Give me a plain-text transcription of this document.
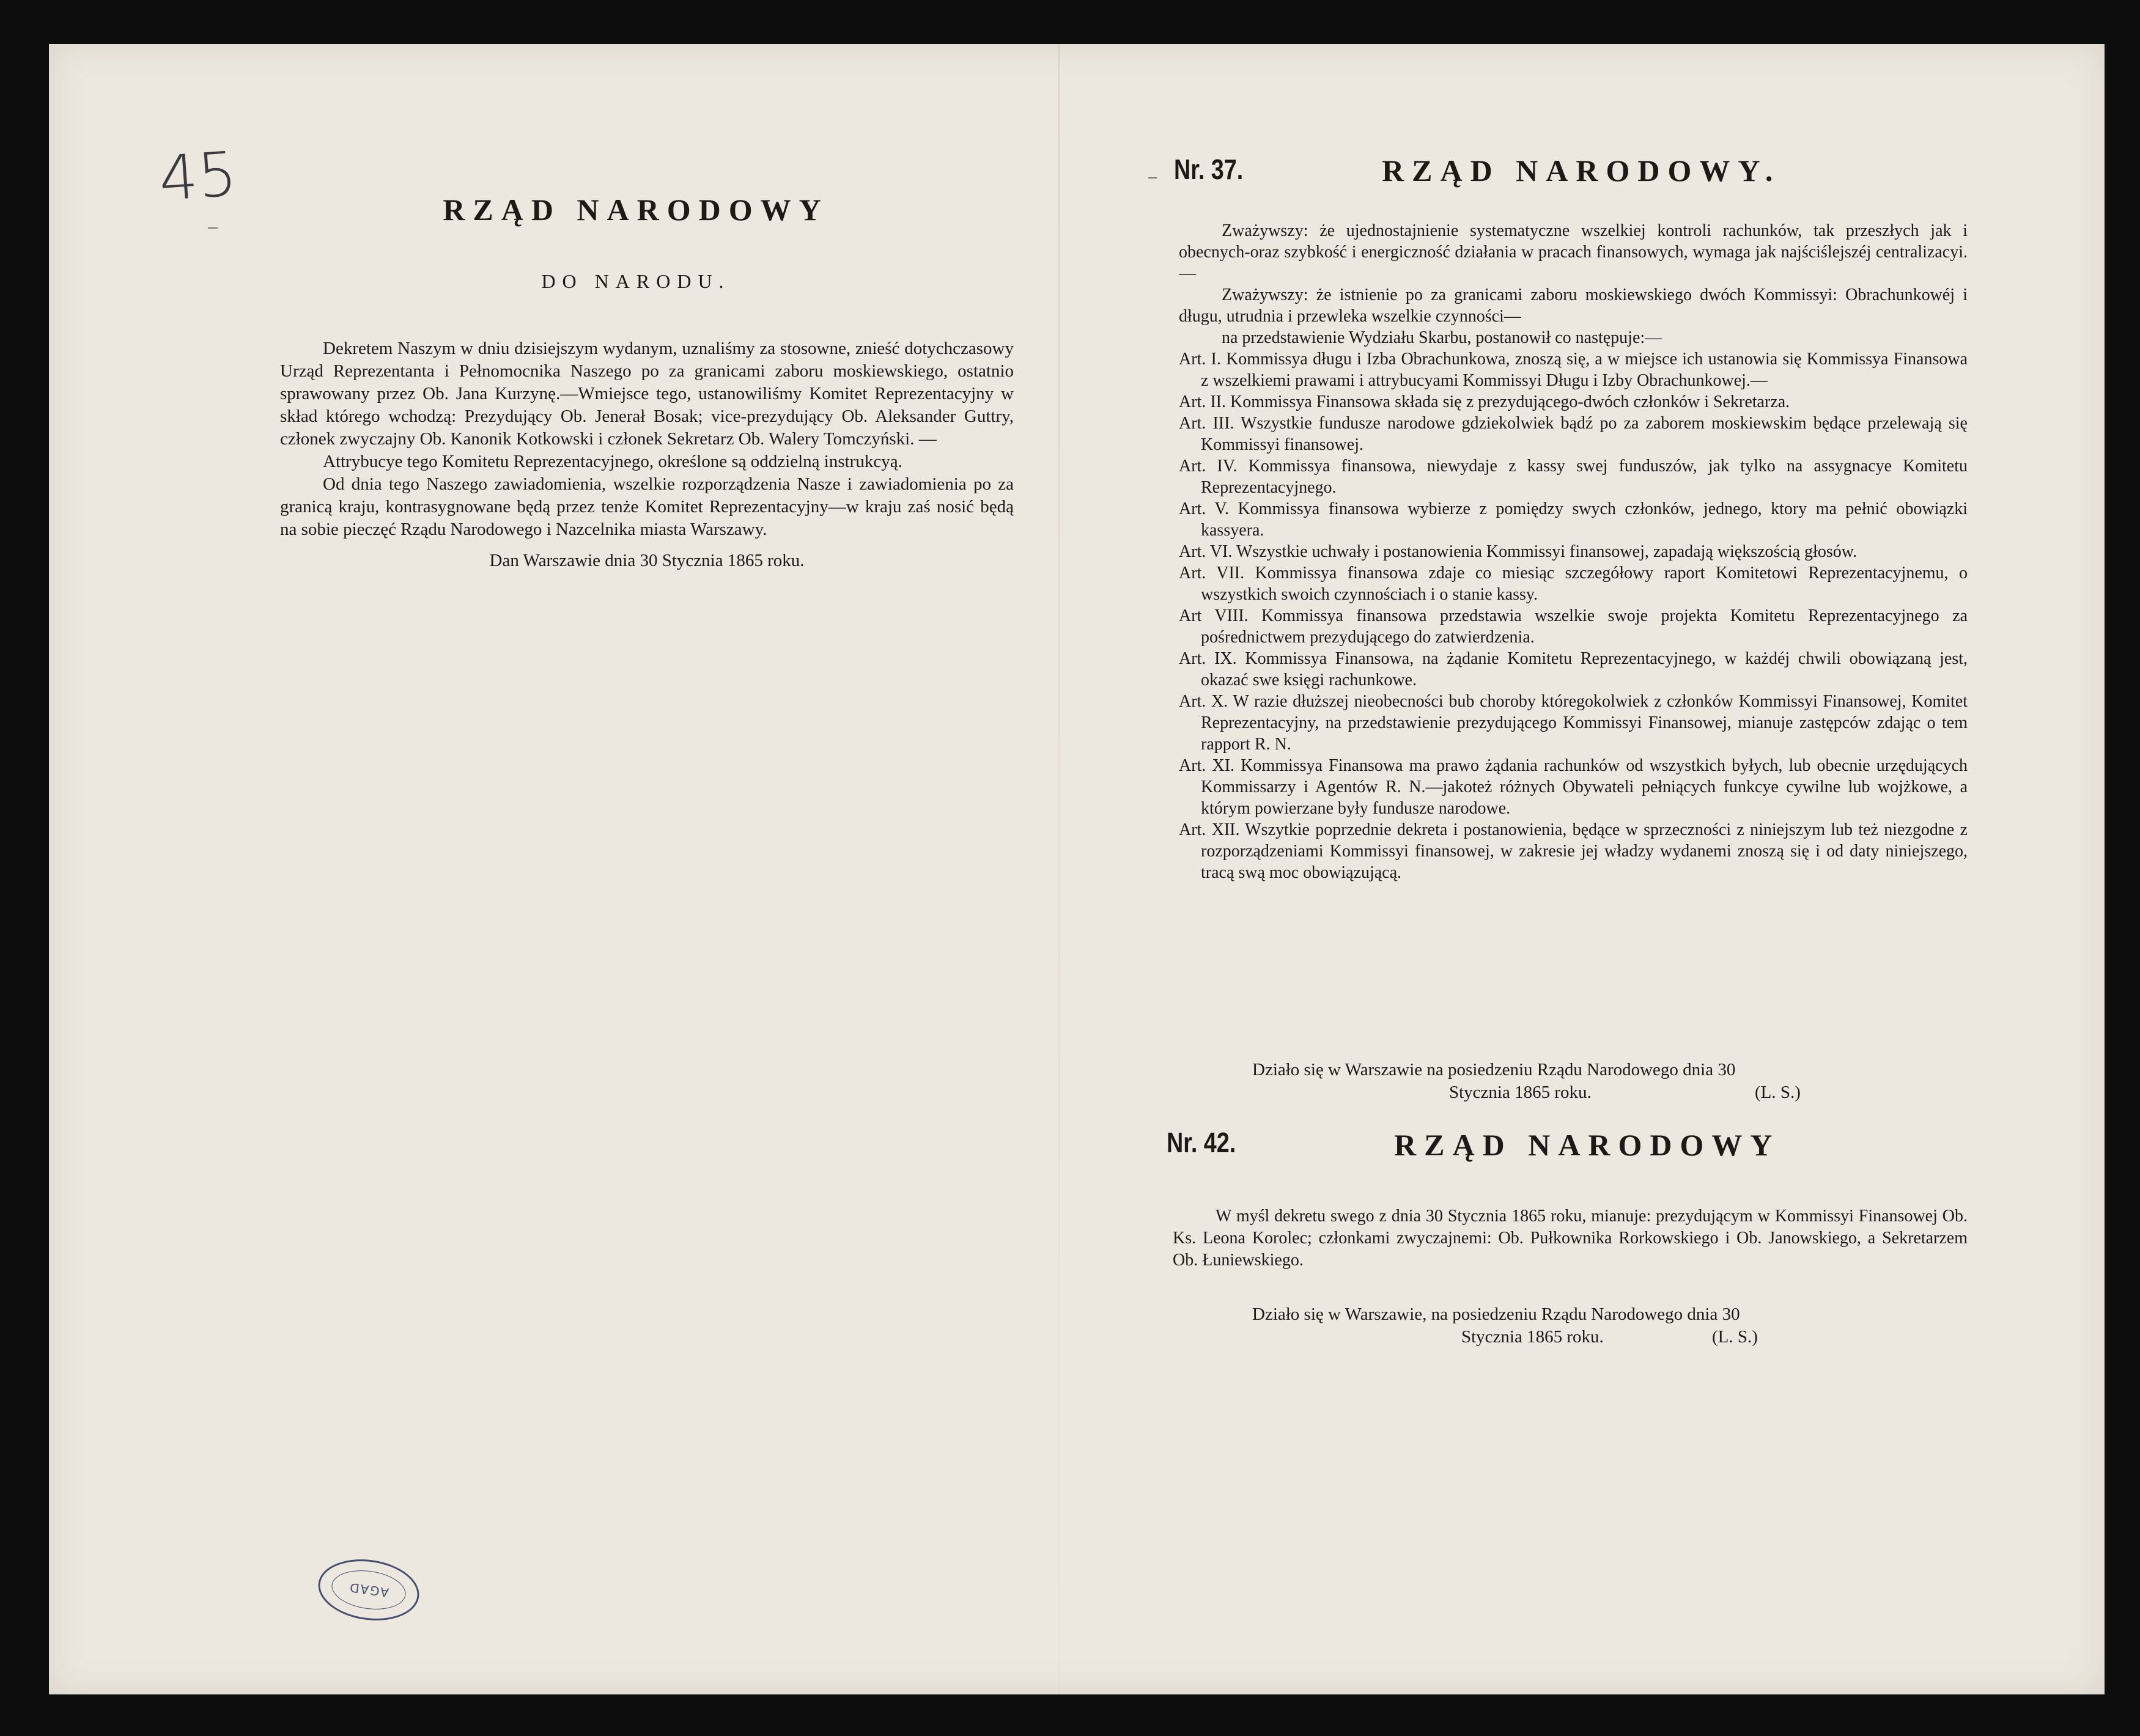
45	RZĄD NARODOWY
DO NARODU.

Dekretem Naszym w dniu dzisiejszym wydanym, uznaliśmy za stosowne, znieść dotychczasowy Urząd Reprezentanta i Pełnomocnika Naszego po za granicami zaboru moskiewskiego, ostatnio sprawowany przez Ob. Jana Kurzynę.—Wmiejsce tego, ustanowiliśmy Komitet Reprezentacyjny w skład którego wchodzą: Prezydujący Ob. Jenerał Bosak; vice-prezydujący Ob. Aleksander Guttry, członek zwyczajny Ob. Kanonik Kotkowski i członek Sekretarz Ob. Walery Tomczyński. —

Attrybucye tego Komitetu Reprezentacyjnego, określone są oddzielną instrukcyą.

Od dnia tego Naszego zawiadomienia, wszelkie rozporządzenia Nasze i zawiadomienia po za granicą kraju, kontrasygnowane będą przez tenże Komitet Reprezentacyjny—w kraju zaś nosić będą na sobie pieczęć Rządu Narodowego i Nazcelnika miasta Warszawy.

Dan Warszawie dnia 30 Stycznia 1865 roku.

AGAD
Nr. 37.	RZĄD NARODOWY.

Zważywszy: że ujednostajnienie systematyczne wszelkiej kontroli rachunków, tak przeszłych jak i obecnych-oraz szybkość i energiczność działania w pracach finansowych, wymaga jak najściślejszéj centralizacyi.—

Zważywszy: że istnienie po za granicami zaboru moskiewskiego dwóch Kommissyi: Obrachunkowéj i długu, utrudnia i przewleka wszelkie czynności—

na przedstawienie Wydziału Skarbu, postanowił co następuje:—

Art. I. Kommissya długu i Izba Obrachunkowa, znoszą się, a w miejsce ich ustanowia się Kommissya Finansowa z wszelkiemi prawami i attrybucyami Kommissyi Długu i Izby Obrachunkowej.—

Art. II. Kommissya Finansowa składa się z prezydującego-dwóch członków i Sekretarza.

Art. III. Wszystkie fundusze narodowe gdziekolwiek bądź po za zaborem moskiewskim będące przelewają się Kommissyi finansowej.

Art. IV. Kommissya finansowa, niewydaje z kassy swej funduszów, jak tylko na assygnacye Komitetu Reprezentacyjnego.

Art. V. Kommissya finansowa wybierze z pomiędzy swych członków, jednego, ktory ma pełnić obowiązki kassyera.

Art. VI. Wszystkie uchwały i postanowienia Kommissyi finansowej, zapadają większością głosów.

Art. VII. Kommissya finansowa zdaje co miesiąc szczegółowy raport Komitetowi Reprezentacyjnemu, o wszystkich swoich czynnościach i o stanie kassy.

Art VIII. Kommissya finansowa przedstawia wszelkie swoje projekta Komitetu Reprezentacyjnego za pośrednictwem prezydującego do zatwierdzenia.

Art. IX. Kommissya Finansowa, na żądanie Komitetu Reprezentacyjnego, w każdéj chwili obowiązaną jest, okazać swe księgi rachunkowe.

Art. X. W razie dłuższej nieobecności bub choroby któregokolwiek z członków Kommissyi Finansowej, Komitet Reprezentacyjny, na przedstawienie prezydującego Kommissyi Finansowej, mianuje zastępców zdając o tem rapport R. N.

Art. XI. Kommissya Finansowa ma prawo żądania rachunków od wszystkich byłych, lub obecnie urzędujących Kommissarzy i Agentów R. N.—jakoteż różnych Obywateli pełniących funkcye cywilne lub wojżkowe, a którym powierzane były fundusze narodowe.

Art. XII. Wszytkie poprzednie dekreta i postanowienia, będące w sprzeczności z niniejszym lub też niezgodne z rozporządzeniami Kommissyi finansowej, w zakresie jej władzy wydanemi znoszą się i od daty niniejszego, tracą swą moc obowiązującą.

Działo się w Warszawie na posiedzeniu Rządu Narodowego dnia 30
Stycznia 1865 roku.	(L. S.)
Nr. 42.	RZĄD NARODOWY

W myśl dekretu swego z dnia 30 Stycznia 1865 roku, mianuje: prezydującym w Kommissyi Finansowej Ob. Ks. Leona Korolec; członkami zwyczajnemi: Ob. Pułkownika Rorkowskiego i Ob. Janowskiego, a Sekretarzem Ob. Łuniewskiego.

Działo się w Warszawie, na posiedzeniu Rządu Narodowego dnia 30
Stycznia 1865 roku.	(L. S.)
